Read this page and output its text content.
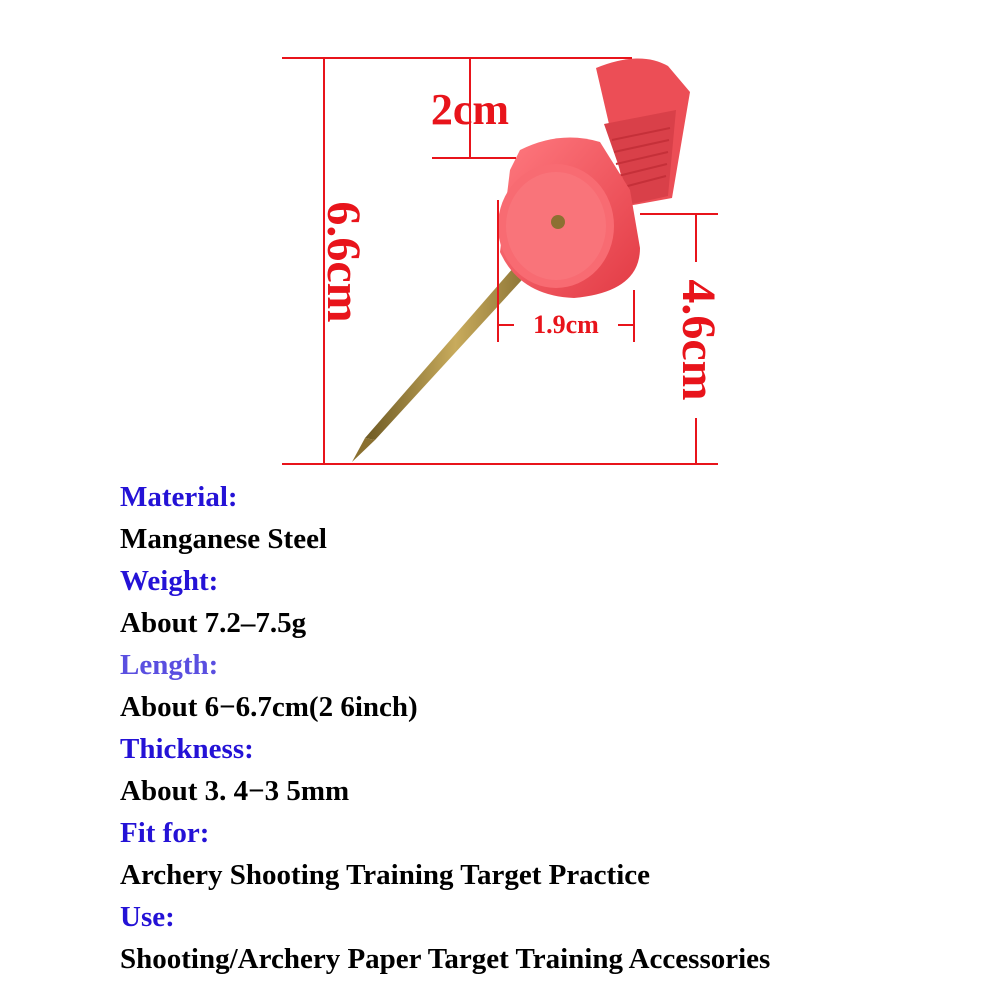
2cm
6.6cm
1.9cm 4.6cm
Material:
Manganese Steel
Weight:
About 7.2–7.5g
Length:
About 6−6.7cm(2 6inch)
Thickness:
About 3. 4−3 5mm
Fit for:
Archery Shooting Training Target Practice
Use:
Shooting/Archery Paper Target Training Accessories
